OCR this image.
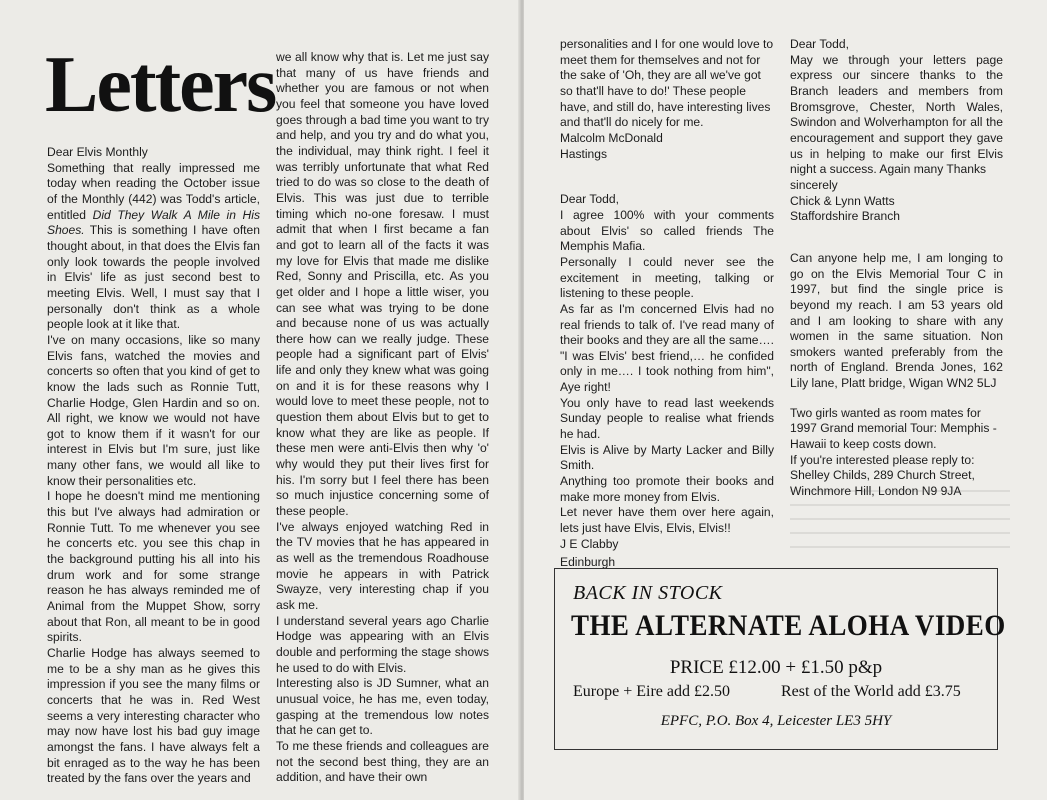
Letters

Dear Elvis Monthly

Something that really impressed me today when reading the October issue of the Monthly (442) was Todd's article, entitled Did They Walk A Mile in His Shoes. This is something I have often thought about, in that does the Elvis fan only look towards the people involved in Elvis' life as just second best to meeting Elvis. Well, I must say that I personally don't think as a whole people look at it like that.

I've on many occasions, like so many Elvis fans, watched the movies and concerts so often that you kind of get to know the lads such as Ronnie Tutt, Charlie Hodge, Glen Hardin and so on. All right, we know we would not have got to know them if it wasn't for our interest in Elvis but I'm sure, just like many other fans, we would all like to know their personalities etc.

I hope he doesn't mind me mentioning this but I've always had admiration or Ronnie Tutt. To me whenever you see he concerts etc. you see this chap in the background putting his all into his drum work and for some strange reason he has always reminded me of Animal from the Muppet Show, sorry about that Ron, all meant to be in good spirits.

Charlie Hodge has always seemed to me to be a shy man as he gives this impression if you see the many films or concerts that he was in. Red West seems a very interesting character who may now have lost his bad guy image amongst the fans. I have always felt a bit enraged as to the way he has been treated by the fans over the years and

we all know why that is. Let me just say that many of us have friends and whether you are famous or not when you feel that someone you have loved goes through a bad time you want to try and help, and you try and do what you, the individual, may think right. I feel it was terribly unfortunate that what Red tried to do was so close to the death of Elvis. This was just due to terrible timing which no-one foresaw. I must admit that when I first became a fan and got to learn all of the facts it was my love for Elvis that made me dislike Red, Sonny and Priscilla, etc. As you get older and I hope a little wiser, you can see what was trying to be done and because none of us was actually there how can we really judge. These people had a significant part of Elvis' life and only they knew what was going on and it is for these reasons why I would love to meet these people, not to question them about Elvis but to get to know what they are like as people. If these men were anti-Elvis then why 'o' why would they put their lives first for his. I'm sorry but I feel there has been so much injustice concerning some of these people.

I've always enjoyed watching Red in the TV movies that he has appeared in as well as the tremendous Roadhouse movie he appears in with Patrick Swayze, very interesting chap if you ask me.

I understand several years ago Charlie Hodge was appearing with an Elvis double and performing the stage shows he used to do with Elvis.

Interesting also is JD Sumner, what an unusual voice, he has me, even today, gasping at the tremendous low notes that he can get to.

To me these friends and colleagues are not the second best thing, they are an addition, and have their own

personalities and I for one would love to meet them for themselves and not for the sake of 'Oh, they are all we've got so that'll have to do!' These people have, and still do, have interesting lives and that'll do nicely for me.

Malcolm McDonald

Hastings

Dear Todd,

I agree 100% with your comments about Elvis' so called friends The Memphis Mafia.

Personally I could never see the excitement in meeting, talking or listening to these people.

As far as I'm concerned Elvis had no real friends to talk of. I've read many of their books and they are all the same…. "I was Elvis' best friend,… he confided only in me…. I took nothing from him", Aye right!

You only have to read last weekends Sunday people to realise what friends he had.

Elvis is Alive by Marty Lacker and Billy Smith.

Anything too promote their books and make more money from Elvis.

Let never have them over here again, lets just have Elvis, Elvis, Elvis!!

J E Clabby

Edinburgh

Dear Todd,

May we through your letters page express our sincere thanks to the Branch leaders and members from Bromsgrove, Chester, North Wales, Swindon and Wolverhampton for all the encouragement and support they gave us in helping to make our first Elvis night a success. Again many Thanks

sincerely

Chick & Lynn Watts

Staffordshire Branch

Can anyone help me, I am longing to go on the Elvis Memorial Tour C in 1997, but find the single price is beyond my reach. I am 53 years old and I am looking to share with any women in the same situation. Non smokers wanted preferably from the north of England. Brenda Jones, 162 Lily lane, Platt bridge, Wigan WN2 5LJ

Two girls wanted as room mates for 1997 Grand memorial Tour: Memphis - Hawaii to keep costs down.

If you're interested please reply to:

Shelley Childs, 289 Church Street,

Winchmore Hill, London N9 9JA

BACK IN STOCK
THE ALTERNATE ALOHA VIDEO
PRICE £12.00 + £1.50 p&p
Europe + Eire add £2.50	Rest of the World add £3.75
EPFC, P.O. Box 4, Leicester LE3 5HY
